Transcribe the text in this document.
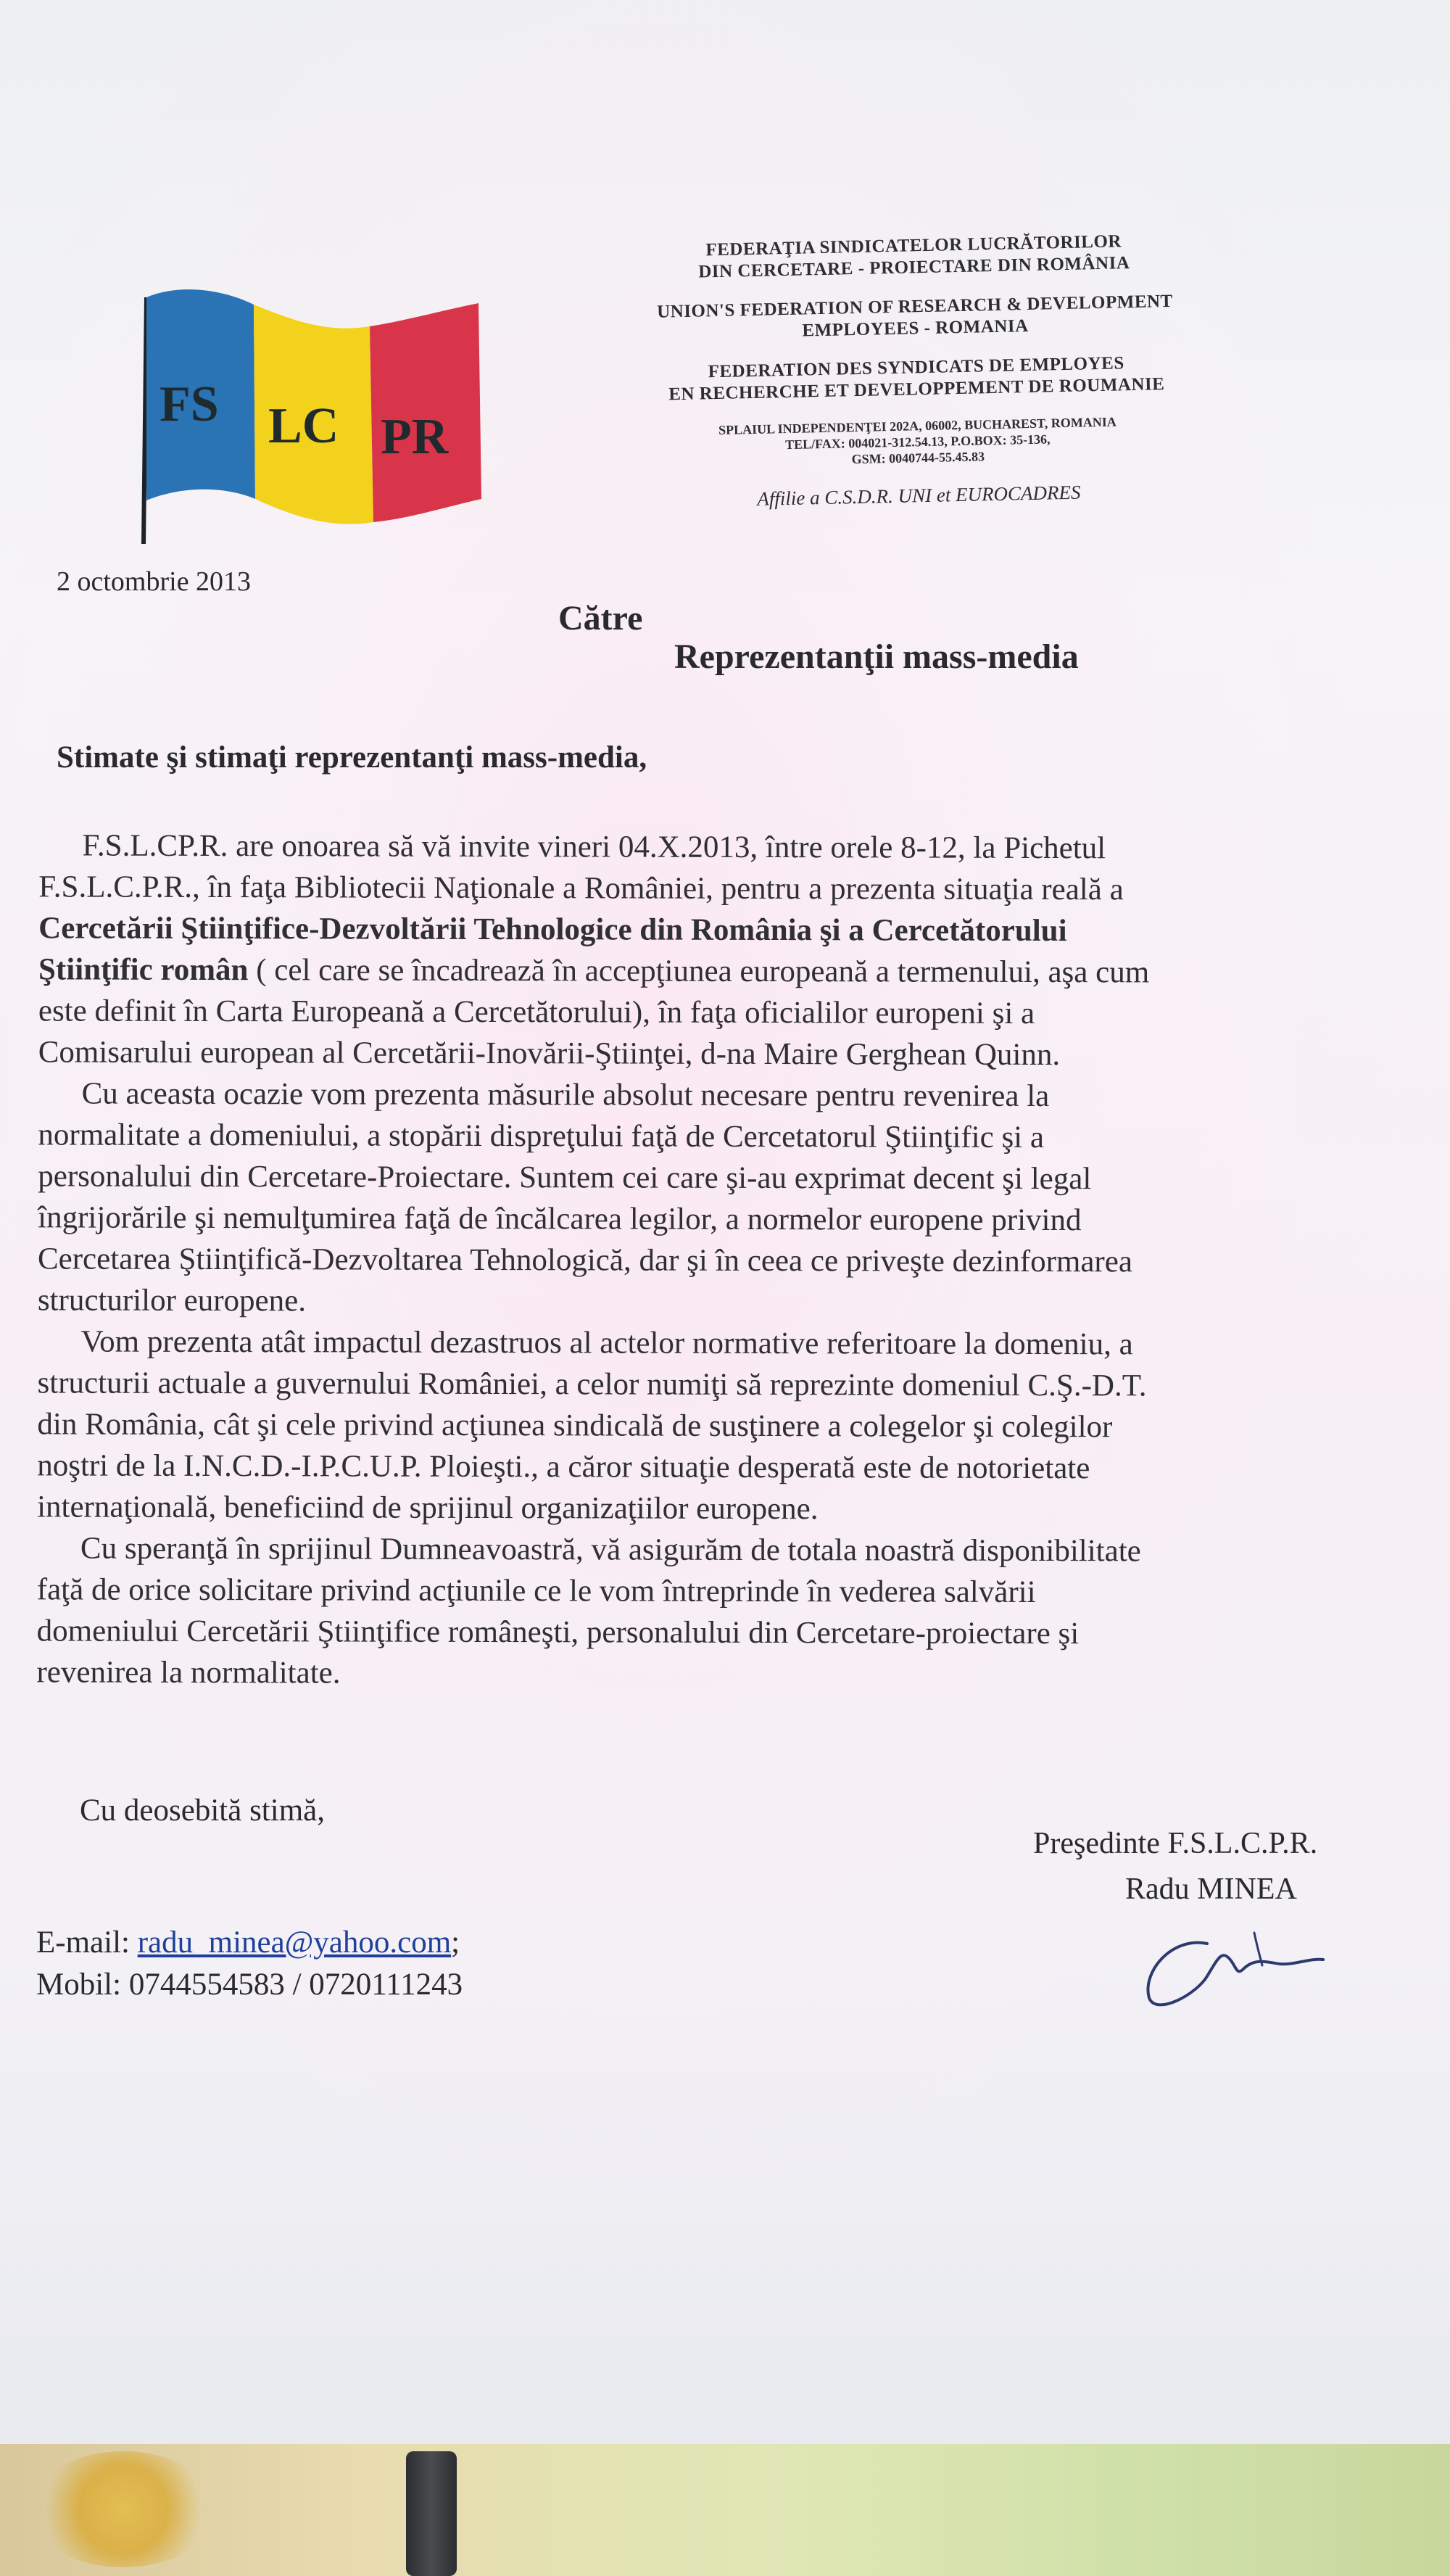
FS LC PR
FEDERAŢIA SINDICATELOR LUCRĂTORILOR
DIN CERCETARE - PROIECTARE DIN ROMÂNIA
UNION'S FEDERATION OF RESEARCH & DEVELOPMENT
EMPLOYEES - ROMANIA
FEDERATION DES SYNDICATS DE EMPLOYES
EN RECHERCHE ET DEVELOPPEMENT DE ROUMANIE
SPLAIUL INDEPENDENŢEI 202A, 06002, BUCHAREST, ROMANIA
TEL/FAX: 004021-312.54.13, P.O.BOX: 35-136,
GSM: 0040744-55.45.83
Affilie a C.S.D.R. UNI et EUROCADRES
2 octombrie 2013
Către
Reprezentanţii mass-media
Stimate şi stimaţi reprezentanţi mass-media,
F.S.L.CP.R. are onoarea să vă invite vineri 04.X.2013, între orele 8-12, la Pichetul
F.S.L.C.P.R., în faţa Bibliotecii Naţionale a României, pentru a prezenta situaţia reală a
Cercetării Ştiinţifice-Dezvoltării Tehnologice din România şi a Cercetătorului
Ştiinţific român ( cel care se încadrează în accepţiunea europeană a termenului, aşa cum
este definit în Carta Europeană a Cercetătorului), în faţa oficialilor europeni şi a
Comisarului european al Cercetării-Inovării-Ştiinţei, d-na Maire Gerghean Quinn.
Cu aceasta ocazie vom prezenta măsurile absolut necesare pentru revenirea la
normalitate a domeniului, a stopării dispreţului faţă de Cercetatorul Ştiinţific şi a
personalului din Cercetare-Proiectare. Suntem cei care şi-au exprimat decent şi legal
îngrijorările şi nemulţumirea faţă de încălcarea legilor, a normelor europene privind
Cercetarea Ştiinţifică-Dezvoltarea Tehnologică, dar şi în ceea ce priveşte dezinformarea
structurilor europene.
Vom prezenta atât impactul dezastruos al actelor normative referitoare la domeniu, a
structurii actuale a guvernului României, a celor numiţi să reprezinte domeniul C.Ş.-D.T.
din România, cât şi cele privind acţiunea sindicală de susţinere a colegelor şi colegilor
noştri de la I.N.C.D.-I.P.C.U.P. Ploieşti., a căror situaţie desperată este de notorietate
internaţională, beneficiind de sprijinul organizaţiilor europene.
Cu speranţă în sprijinul Dumneavoastră, vă asigurăm de totala noastră disponibilitate
faţă de orice solicitare privind acţiunile ce le vom întreprinde în vederea salvării
domeniului Cercetării Ştiinţifice româneşti, personalului din Cercetare-proiectare şi
revenirea la normalitate.
Cu deosebită stimă,
Preşedinte F.S.L.C.P.R.
Radu MINEA
E-mail: radu_minea@yahoo.com;
Mobil: 0744554583 / 0720111243
